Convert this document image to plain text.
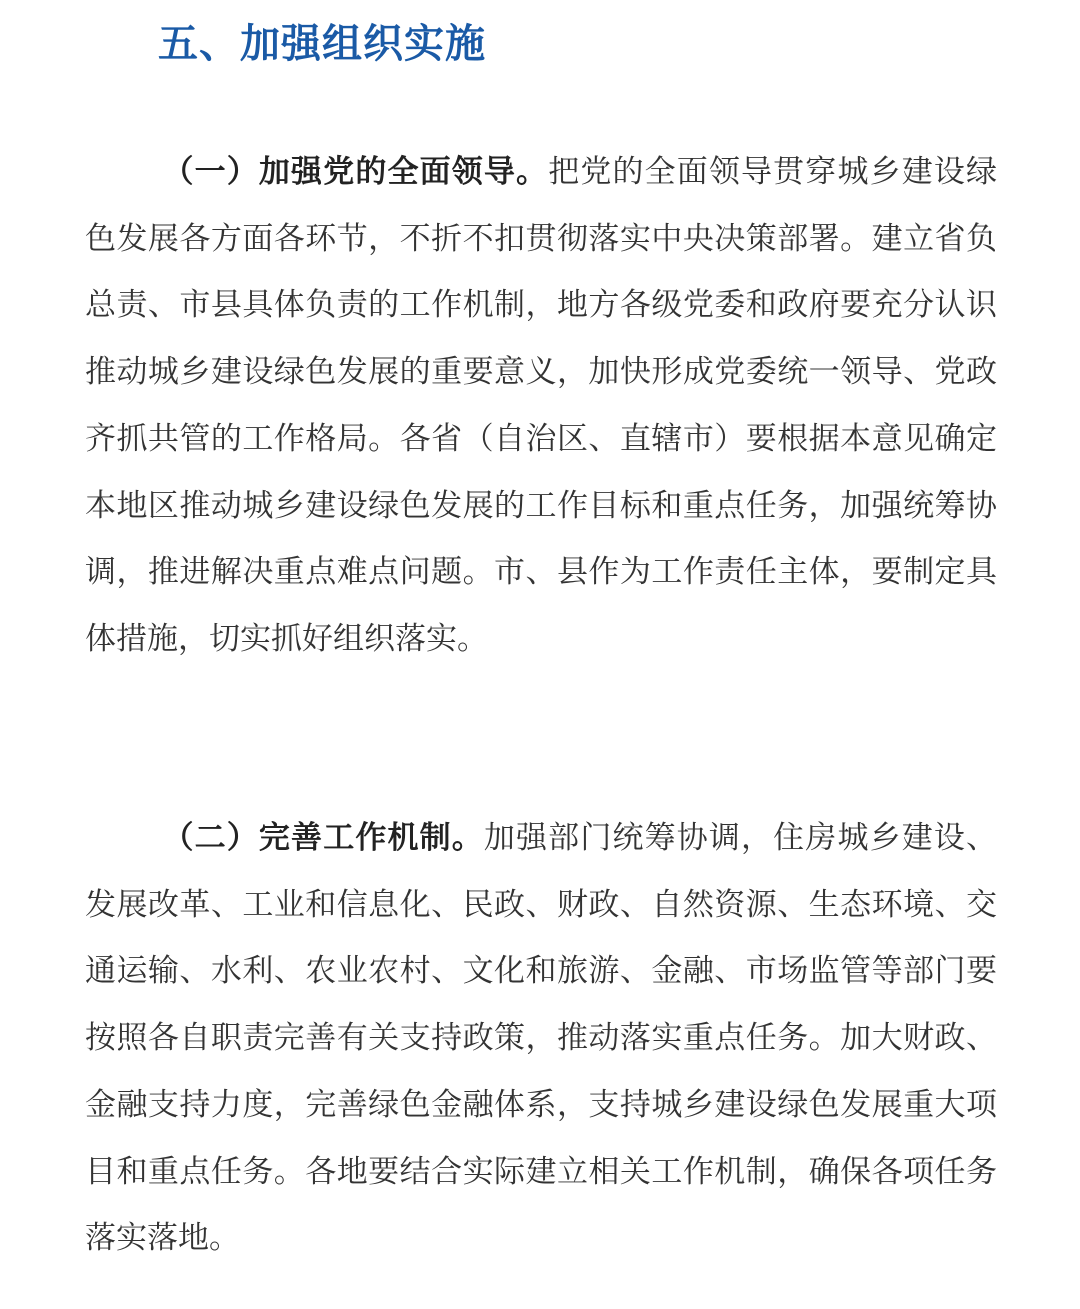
五、加强组织实施

（一）加强党的全面领导。把党的全面领导贯穿城乡建设绿色发展各方面各环节，不折不扣贯彻落实中央决策部署。建立省负总责、市县具体负责的工作机制，地方各级党委和政府要充分认识推动城乡建设绿色发展的重要意义，加快形成党委统一领导、党政齐抓共管的工作格局。各省（自治区、直辖市）要根据本意见确定本地区推动城乡建设绿色发展的工作目标和重点任务，加强统筹协调，推进解决重点难点问题。市、县作为工作责任主体，要制定具体措施，切实抓好组织落实。

（二）完善工作机制。加强部门统筹协调，住房城乡建设、发展改革、工业和信息化、民政、财政、自然资源、生态环境、交通运输、水利、农业农村、文化和旅游、金融、市场监管等部门要按照各自职责完善有关支持政策，推动落实重点任务。加大财政、金融支持力度，完善绿色金融体系，支持城乡建设绿色发展重大项目和重点任务。各地要结合实际建立相关工作机制，确保各项任务落实落地。
